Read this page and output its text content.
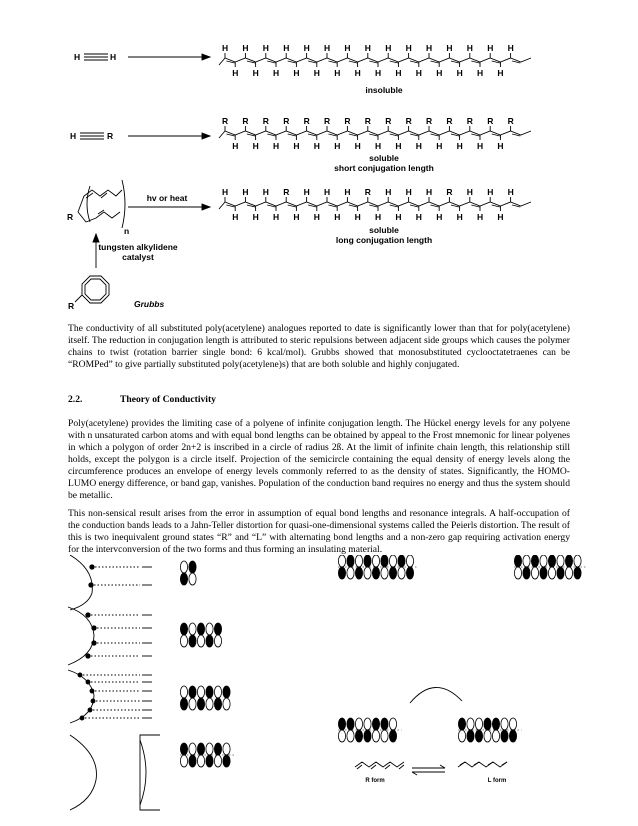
H	H
H	R
H H H H H H H H H H H H H H H
H H H H H H H H H H H H H H
R R R R R R R R R R R R R R R
H H H H H H H H H H H H H H
H H H R H H H R H H H R H H H
H H H H H H H H H H H H H H
insoluble
soluble
short conjugation length
soluble
long conjugation length
hv or heat
tungsten alkylidene
catalyst
R
n
R	Grubbs
The conductivity of all substituted poly(acetylene) analogues reported to date is significantly lower than that for poly(acetylene) itself. The reduction in conjugation length is attributed to steric repulsions between adjacent side groups which causes the polymer chains to twist (rotation barrier single bond: 6 kcal/mol). Grubbs showed that monosubstituted cyclooctatetraenes can be “ROMPed” to give partially substituted poly(acetylene)s) that are both soluble and highly conjugated.
2.2.	Theory of Conductivity
Poly(acetylene) provides the limiting case of a polyene of infinite conjugation length. The Hückel energy levels for any polyene with n unsaturated carbon atoms and with equal bond lengths can be obtained by appeal to the Frost mnemonic for linear polyenes in which a polygon of order 2n+2 is inscribed in a circle of radius 2ß. At the limit of infinite chain length, this relationship still holds, except the polygon is a circle itself. Projection of the semicircle containing the equal density of energy levels along the circumference produces an envelope of energy levels commonly referred to as the density of states. Significantly, the HOMO-LUMO energy difference, or band gap, vanishes. Population of the conduction band requires no energy and thus the system should be metallic.
This non-sensical result arises from the error in assumption of equal bond lengths and resonance integrals. A half-occupation of the conduction bands leads to a Jahn-Teller distortion for quasi-one-dimensional systems called the Peierls distortion. The result of this is two inequivalent ground states “R” and “L” with alternating bond lengths and a non-zero gap requiring activation energy for the intervconversion of the two forms and thus forming an insulating material.
R form	L form
